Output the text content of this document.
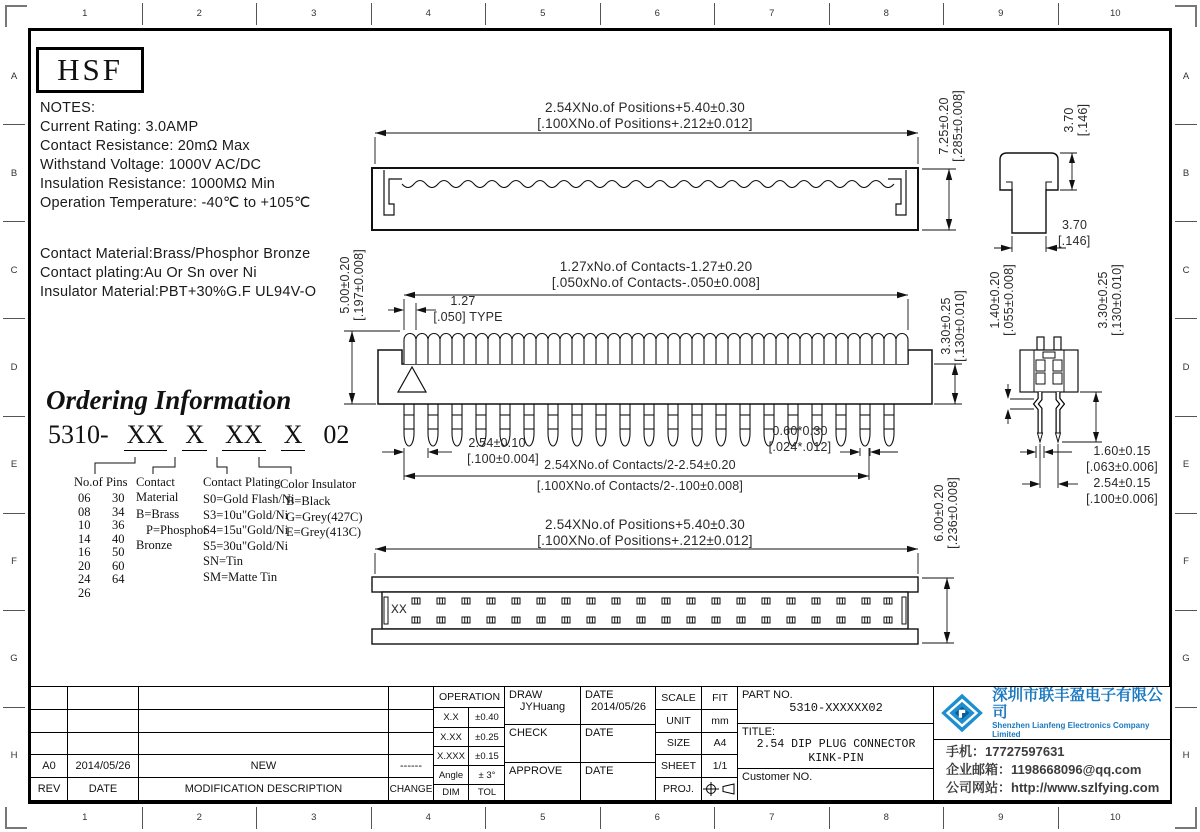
1	2	3	4	5	6	7	8	9	10
1	2	3	4	5	6	7	8	9	10
A
B
C
D
E
F
G
H
A
B
C
D
E
F
G
H
HSF
NOTES:
Current Rating: 3.0AMP
Contact Resistance: 20mΩ Max
Withstand Voltage: 1000V AC/DC
Insulation Resistance: 1000MΩ Min
Operation Temperature: -40℃ to +105℃
Contact Material:Brass/Phosphor Bronze
Contact plating:Au Or Sn over Ni
Insulator Material:PBT+30%G.F UL94V-O
2.54XNo.of Positions+5.40±0.30
[.100XNo.of Positions+.212±0.012]	7.25±0.20 [.285±0.008]	3.70 [.146]
3.70
[.146]
1.27xNo.of Contacts-1.27±0.20
[.050xNo.of Contacts-.050±0.008]
1.27
[.050] TYPE
5.00±0.20 [.197±0.008]
3.30±0.25 [.130±0.010]
2.54±0.10
[.100±0.004]
0.60*0.30
[.024*.012]
2.54XNo.of Contacts/2-2.54±0.20
[.100XNo.of Contacts/2-.100±0.008]
1.40±0.20 [.055±0.008]	3.30±0.25 [.130±0.010]
1.60±0.15
[.063±0.006]
2.54±0.15
[.100±0.006]
2.54XNo.of Positions+5.40±0.30
[.100XNo.of Positions+.212±0.012]	6.00±0.20 [.236±0.008]
XX
Ordering Information
5310- XX X XX X 02
No.of Pins
06	30
08	34
10	36
14	40
16	50
20	60
24	64
26
Contact Material
B=Brass
P=Phosphor
Bronze
Contact Plating
S0=Gold Flash/Ni
S3=10u"Gold/Ni
S4=15u"Gold/Ni
S5=30u"Gold/Ni
SN=Tin
SM=Matte Tin
Color Insulator
B=Black
G=Grey(427C)
E=Grey(413C)
A0	2014/05/26	NEW	------
REV	DATE	MODIFICATION DESCRIPTION	CHANGE
OPERATION
X.X	±0.40
X.XX	±0.25
X.XXX	±0.15
Angle	± 3°
DIM	TOL
DRAW
JYHuang
DATE
2014/05/26
CHECK	DATE
APPROVE DATE
SCALE	FIT
UNIT	mm
SIZE	A4
SHEET	1/1
PROJ.
PART NO.
5310-XXXXXX02
TITLE:
2.54 DIP PLUG CONNECTOR
KINK-PIN
Customer NO.
深圳市联丰盈电子有限公司
Shenzhen Lianfeng Electronics Company Limited
手机：17727597631
企业邮箱：1198668096@qq.com
公司网站：http://www.szlfying.com
